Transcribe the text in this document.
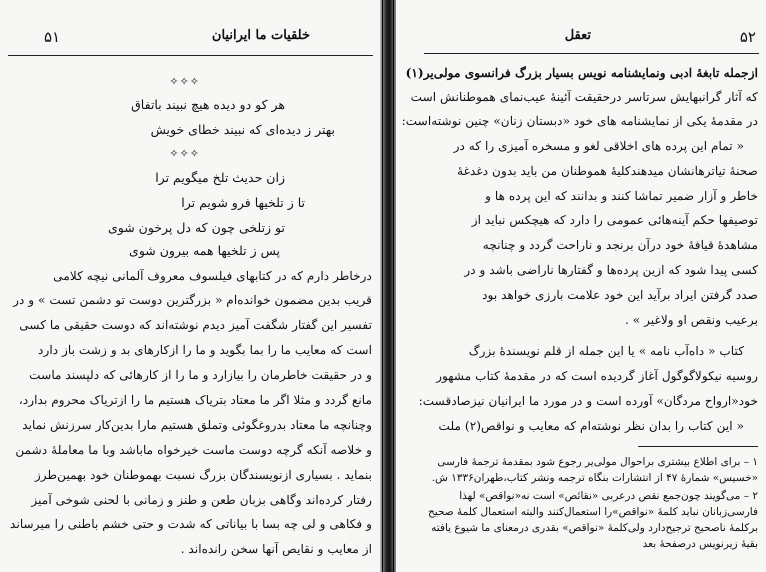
۵۱	خلقیات ما ایرانیان
✧✧✧
هر کو دو دیده هیچ نبیند باتفاق
بهتر ز دیده‌ای که نبیند خطای خویش
✧✧✧
زان حدیث تلخ میگویم ترا
تا ز تلخیها فرو شویم ترا
تو زتلخی چون که دل پرخون شوی
پس ز تلخیها همه بیرون شوی
درخاطر دارم که در کتابهای فیلسوف معروف آلمانی نیچه کلامی
قریب بدین مضمون خوانده‌ام « بزرگترین دوست تو دشمن تست » و در
تفسیر این گفتار شگفت آمیز دیدم نوشته‌اند که دوست حقیقی ما کسی
است که معایب ما را بما بگوید و ما را ازکارهای بد و زشت باز دارد
و در حقیقت خاطرمان را بیازارد و ما را از کارهائی که دلپسند ماست
مانع گردد و مثلا اگر ما معتاد بتریاک هستیم ما را ازتریاک محروم بدارد،
وچنانچه ما معتاد بدروغگوئی وتملق هستیم مارا بدین‌کار سرزنش نماید
و خلاصه آنکه گرچه دوست ماست خیرخواه ماباشد وبا ما معاملهٔ دشمن
بنماید . بسیاری ازنویسندگان بزرگ نسبت بهموطنان خود بهمین‌طرز
رفتار کرده‌اند وگاهی بزبان طعن و طنز و زمانی با لحنی شوخی آمیز
و فکاهی و لی چه بسا با بیاناتی که شدت و حتی خشم باطنی را میرساند
از معایب و نقایص آنها سخن رانده‌اند .
۵۲
تعقل
ازجمله تابغهٔ ادبی ونمایشنامه نویس بسیار بزرگ فرانسوی مولی‌یر(۱)
که آثار گرانبهایش سرتاسر درحقیقت آئینهٔ عیب‌نمای هموطنانش است
در مقدمهٔ یکی از نمایشنامه های خود «دبستان زنان» چنین نوشته‌است:
« تمام این پرده های اخلاقی لغو و مسخره آمیزی را که در
صحنهٔ تیاترهانشان میدهندکلیهٔ هموطنان من باید بدون دغدغهٔ
خاطر و آزار ضمیر تماشا کنند و بدانند که این پرده ها و
توصیفها حکم آینه‌هائی عمومی را دارد که هیچکس نباید از
مشاهدهٔ قیافهٔ خود درآن برنجد و ناراحت گردد و چنانچه
کسی پیدا شود که ازین پرده‌ها و گفتارها ناراضی باشد و در
صدد گرفتن ایراد برآید این خود علامت بارزی خواهد بود
برعیب ونقص او ولاغیر » .
کتاب « داه‌آب نامه » یا این جمله از قلم نویسندهٔ بزرگ
روسیه نیکولاگوگول آغاز گردیده است که در مقدمهٔ کتاب مشهور
خود«ارواح مردگان» آورده است و در مورد ما ایرانیان نیزصادقست:
« این کتاب را بدان نظر نوشته‌ام که معایب و نواقص(۲) ملت
۱ – برای اطلاع بیشتری براحوال مولی‌یر رجوع شود بمقدمهٔ ترجمهٔ فارسی
«خسیس» شمارهٔ ۴۷ از انتشارات بنگاه ترجمه ونشر کتاب،طهران۱۳۳۶ ش.
۲ – می‌گویند چون‌جمع نقص درعربی «نقائص» است نه«نواقص» لهذا
فارسی‌زبانان نباید کلمهٔ «نواقص»را استعمال‌کنند والبته استعمال کلمهٔ صحیح
برکلمهٔ ناصحیح ترجیح‌دارد ولی‌کلمهٔ «نواقص» بقدری درمعنای ما شیوع یافته
بقیهٔ زیرنویس درصفحهٔ بعد
